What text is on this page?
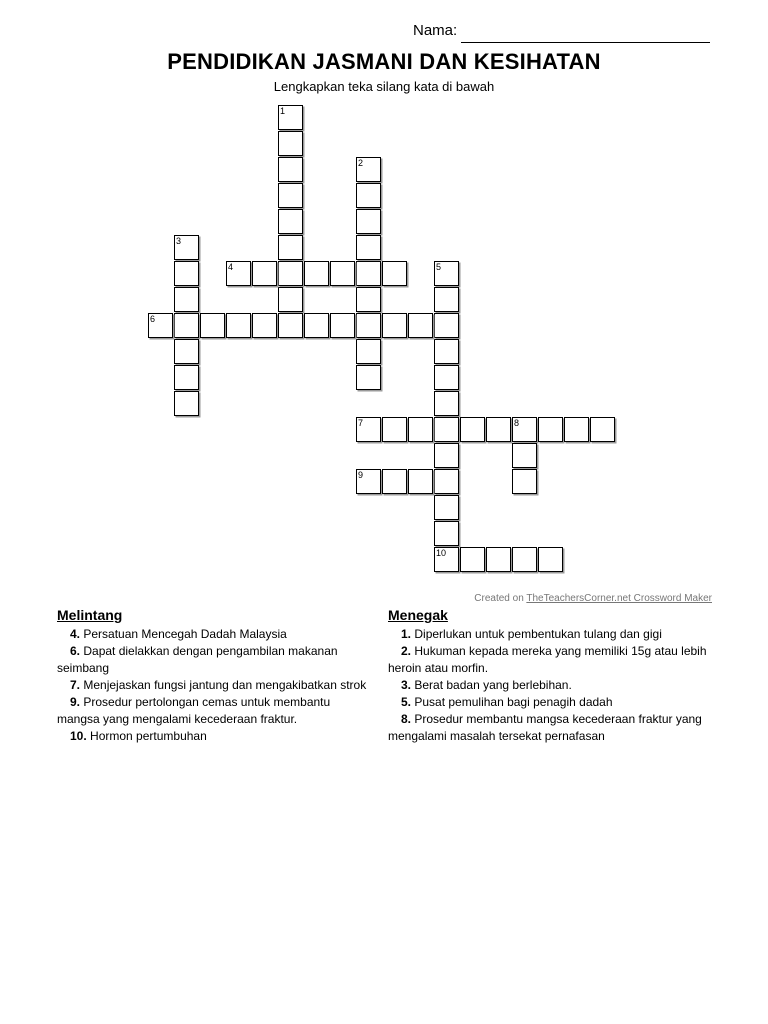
Nama:
PENDIDIKAN JASMANI DAN KESIHATAN
Lengkapkan teka silang kata di bawah
1
2
3
4	5
10
6
7	8
9
Created on TheTeachersCorner.net Crossword Maker
Melintang

4. Persatuan Mencegah Dadah Malaysia

6. Dapat dielakkan dengan pengambilan makanan seimbang

7. Menjejaskan fungsi jantung dan mengakibatkan strok

9. Prosedur pertolongan cemas untuk membantu mangsa yang mengalami kecederaan fraktur.

10. Hormon pertumbuhan

Menegak

1. Diperlukan untuk pembentukan tulang dan gigi

2. Hukuman kepada mereka yang memiliki 15g atau lebih heroin atau morfin.

3. Berat badan yang berlebihan.

5. Pusat pemulihan bagi penagih dadah

8. Prosedur membantu mangsa kecederaan fraktur yang mengalami masalah tersekat pernafasan
